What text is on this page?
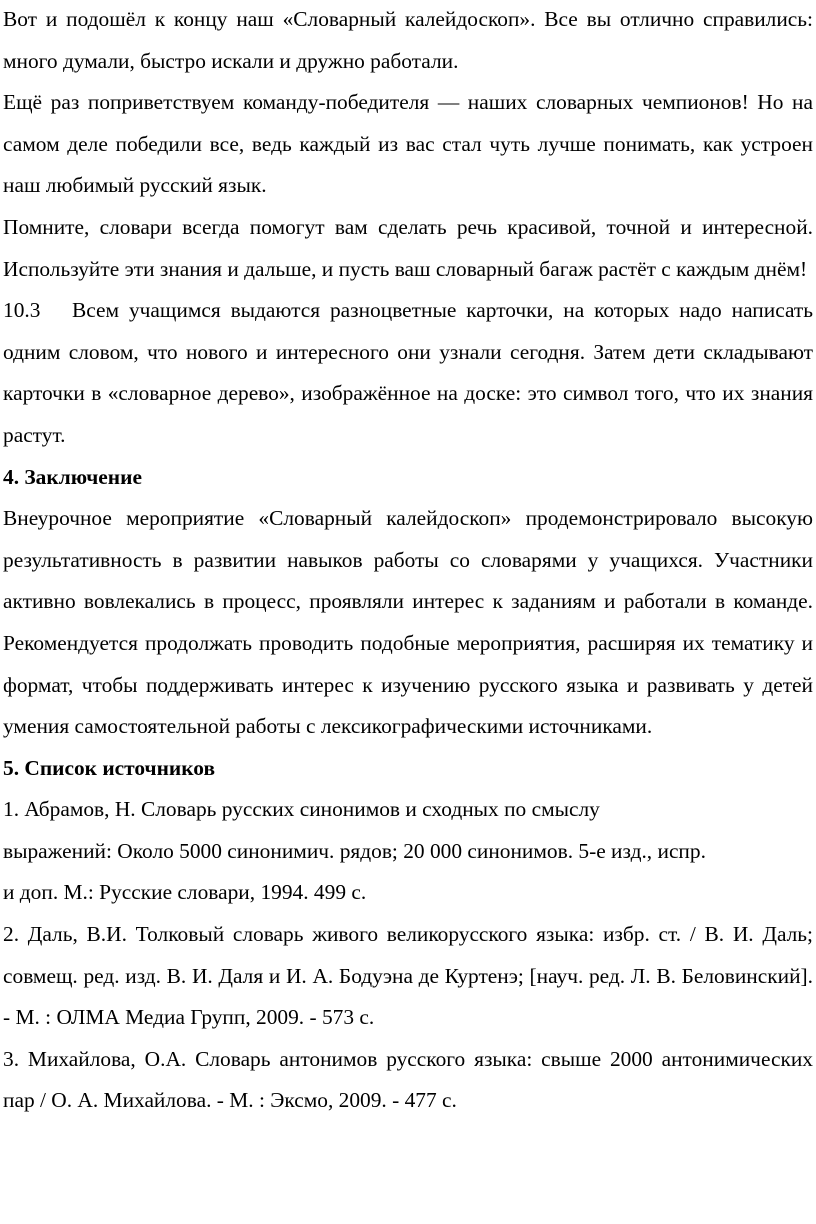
Вот и подошёл к концу наш «Словарный калейдоскоп». Все вы отлично справились: много думали, быстро искали и дружно работали.

Ещё раз поприветствуем команду-победителя — наших словарных чемпионов! Но на самом деле победили все, ведь каждый из вас стал чуть лучше понимать, как устроен наш любимый русский язык.

Помните, словари всегда помогут вам сделать речь красивой, точной и интересной. Используйте эти знания и дальше, и пусть ваш словарный багаж растёт с каждым днём!

10.3 Всем учащимся выдаются разноцветные карточки, на которых надо написать одним словом, что нового и интересного они узнали сегодня. Затем дети складывают карточки в «словарное дерево», изображённое на доске: это символ того, что их знания растут.

4. Заключение

Внеурочное мероприятие «Словарный калейдоскоп» продемонстрировало высокую результативность в развитии навыков работы со словарями у учащихся. Участники активно вовлекались в процесс, проявляли интерес к заданиям и работали в команде. Рекомендуется продолжать проводить подобные мероприятия, расширяя их тематику и формат, чтобы поддерживать интерес к изучению русского языка и развивать у детей умения самостоятельной работы с лексикографическими источниками.

5. Список источников

1. Абрамов, Н. Словарь русских синонимов и сходных по смыслу

выражений: Около 5000 синонимич. рядов; 20 000 синонимов. 5-е изд., испр.

и доп. М.: Русские словари, 1994. 499 с.

2. Даль, В.И. Толковый словарь живого великорусского языка: избр. ст. / В. И. Даль; совмещ. ред. изд. В. И. Даля и И. А. Бодуэна де Куртенэ; [науч. ред. Л. В. Беловинский]. - М. : ОЛМА Медиа Групп, 2009. - 573 с.

3. Михайлова, О.А. Словарь антонимов русского языка: свыше 2000 антонимических пар / О. А. Михайлова. - М. : Эксмо, 2009. - 477 с.
